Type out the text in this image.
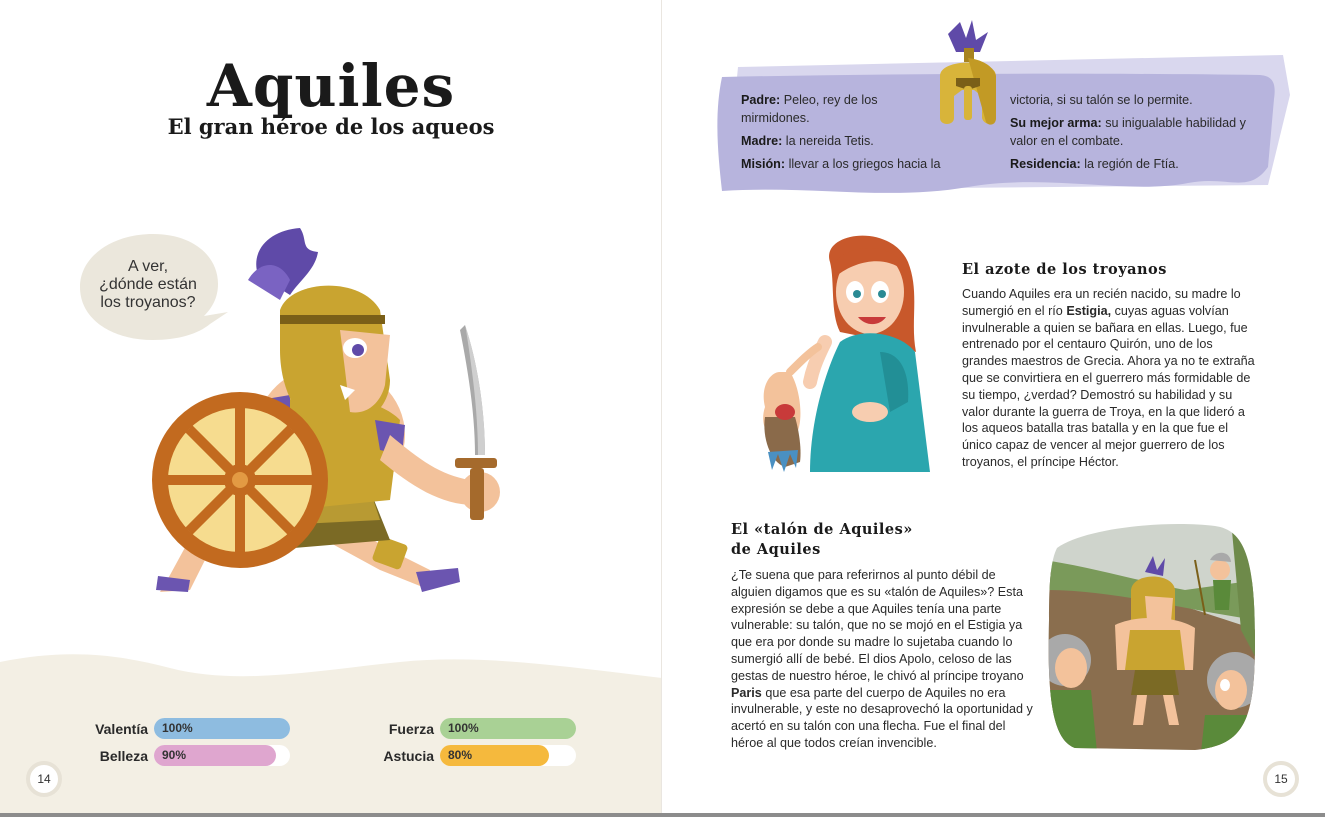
Aquiles
El gran héroe de los aqueos
A ver,
¿dónde están
los troyanos?
Valentía 100%
Belleza 90%
Fuerza 100%
Astucia 80%
14

Padre: Peleo, rey de los mirmidones.

Madre: la nereida Tetis.

Misión: llevar a los griegos hacia la

victoria, si su talón se lo permite.

Su mejor arma: su inigualable habilidad y valor en el combate.

Residencia: la región de Ftía.

El azote de los troyanos
Cuando Aquiles era un recién nacido, su madre lo sumergió en el río Estigia, cuyas aguas volvían invulnerable a quien se bañara en ellas. Luego, fue entrenado por el centauro Quirón, uno de los grandes maestros de Grecia. Ahora ya no te extraña que se convirtiera en el guerrero más formidable de su tiempo, ¿verdad? Demostró su habilidad y su valor durante la guerra de Troya, en la que lideró a los aqueos batalla tras batalla y en la que fue el único capaz de vencer al mejor guerrero de los troyanos, el príncipe Héctor.
El «talón de Aquiles»
de Aquiles
¿Te suena que para referirnos al punto débil de alguien digamos que es su «talón de Aquiles»? Esta expresión se debe a que Aquiles tenía una parte vulnerable: su talón, que no se mojó en el Estigia ya que era por donde su madre lo sujetaba cuando lo sumergió allí de bebé. El dios Apolo, celoso de las gestas de nuestro héroe, le chivó al príncipe troyano Paris que esa parte del cuerpo de Aquiles no era invulnerable, y este no desaprovechó la oportunidad y acertó en su talón con una flecha. Fue el final del héroe al que todos creían invencible.
15
